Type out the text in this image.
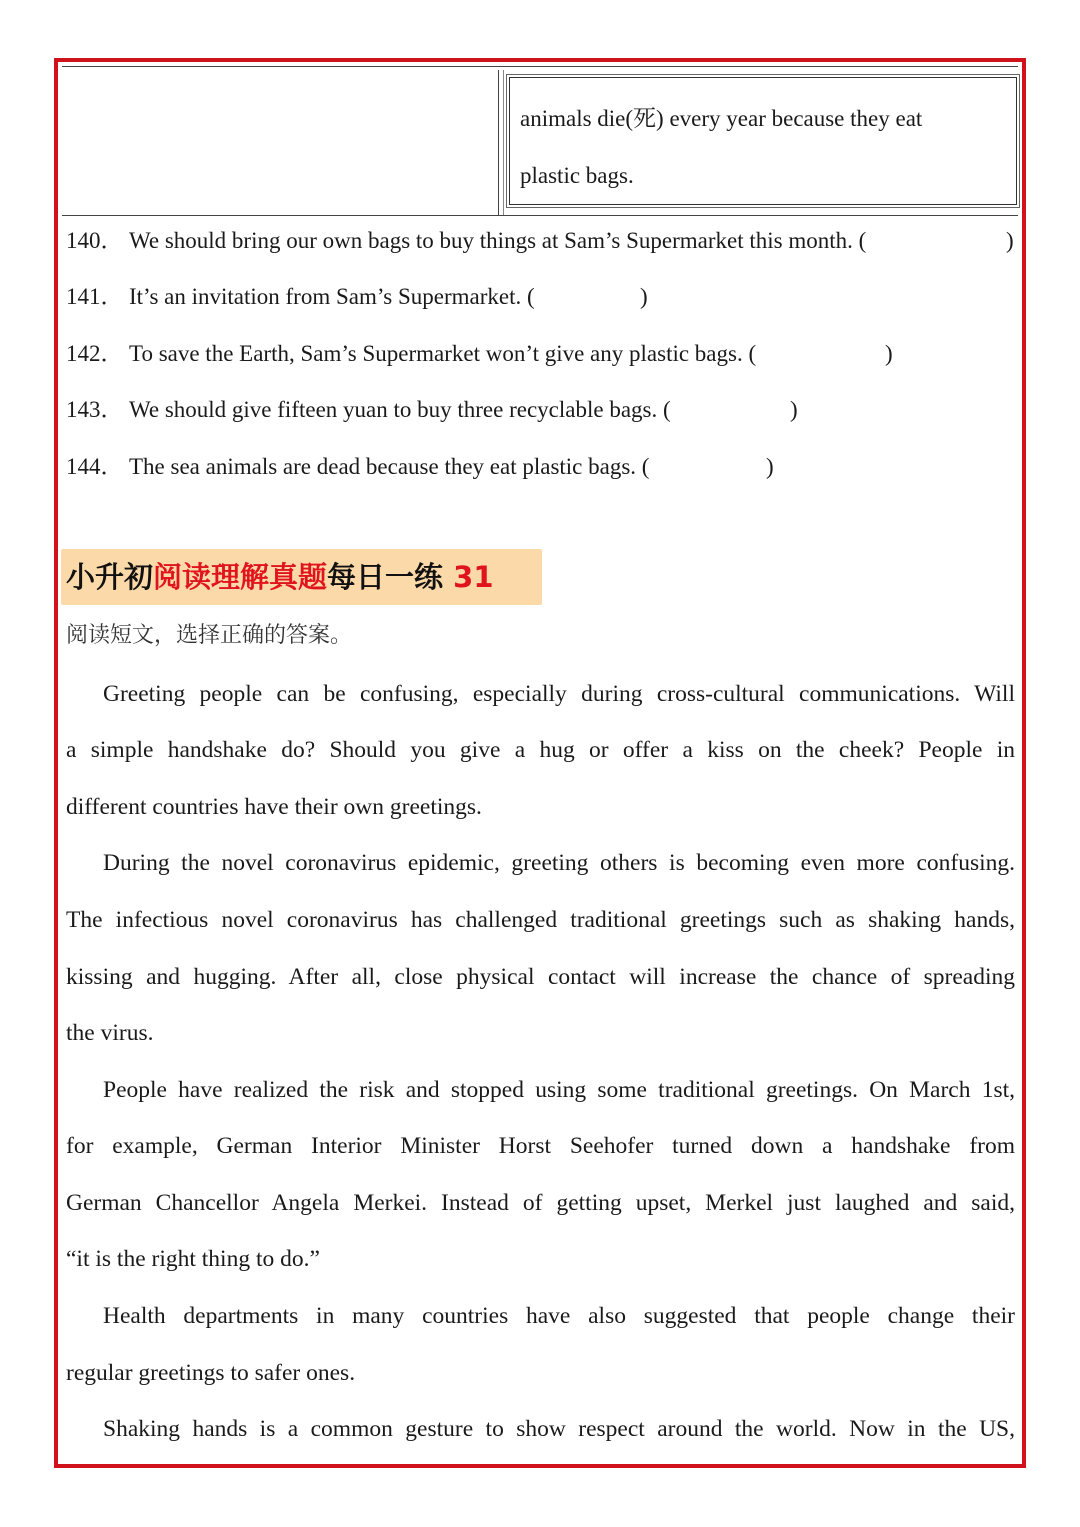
animals die(死) every year because they eat
plastic bags.
140． We should bring our own bags to buy things at Sam’s Supermarket this month. (	)
141． It’s an invitation from Sam’s Supermarket. (	)
142． To save the Earth, Sam’s Supermarket won’t give any plastic bags. (	)
143． We should give fifteen yuan to buy three recyclable bags. (	)
144． The sea animals are dead because they eat plastic bags. (	)
小升初阅读理解真题每日一练 31
阅读短文，选择正确的答案。
Greeting people can be confusing, especially during cross-cultural communications. Will
a simple handshake do? Should you give a hug or offer a kiss on the cheek? People in
different countries have their own greetings.
During the novel coronavirus epidemic, greeting others is becoming even more confusing.
The infectious novel coronavirus has challenged traditional greetings such as shaking hands,
kissing and hugging. After all, close physical contact will increase the chance of spreading
the virus.
People have realized the risk and stopped using some traditional greetings. On March 1st,
for example, German Interior Minister Horst Seehofer turned down a handshake from
German Chancellor Angela Merkei. Instead of getting upset, Merkel just laughed and said,
“it is the right thing to do.”
Health departments in many countries have also suggested that people change their
regular greetings to safer ones.
Shaking hands is a common gesture to show respect around the world. Now in the US,
